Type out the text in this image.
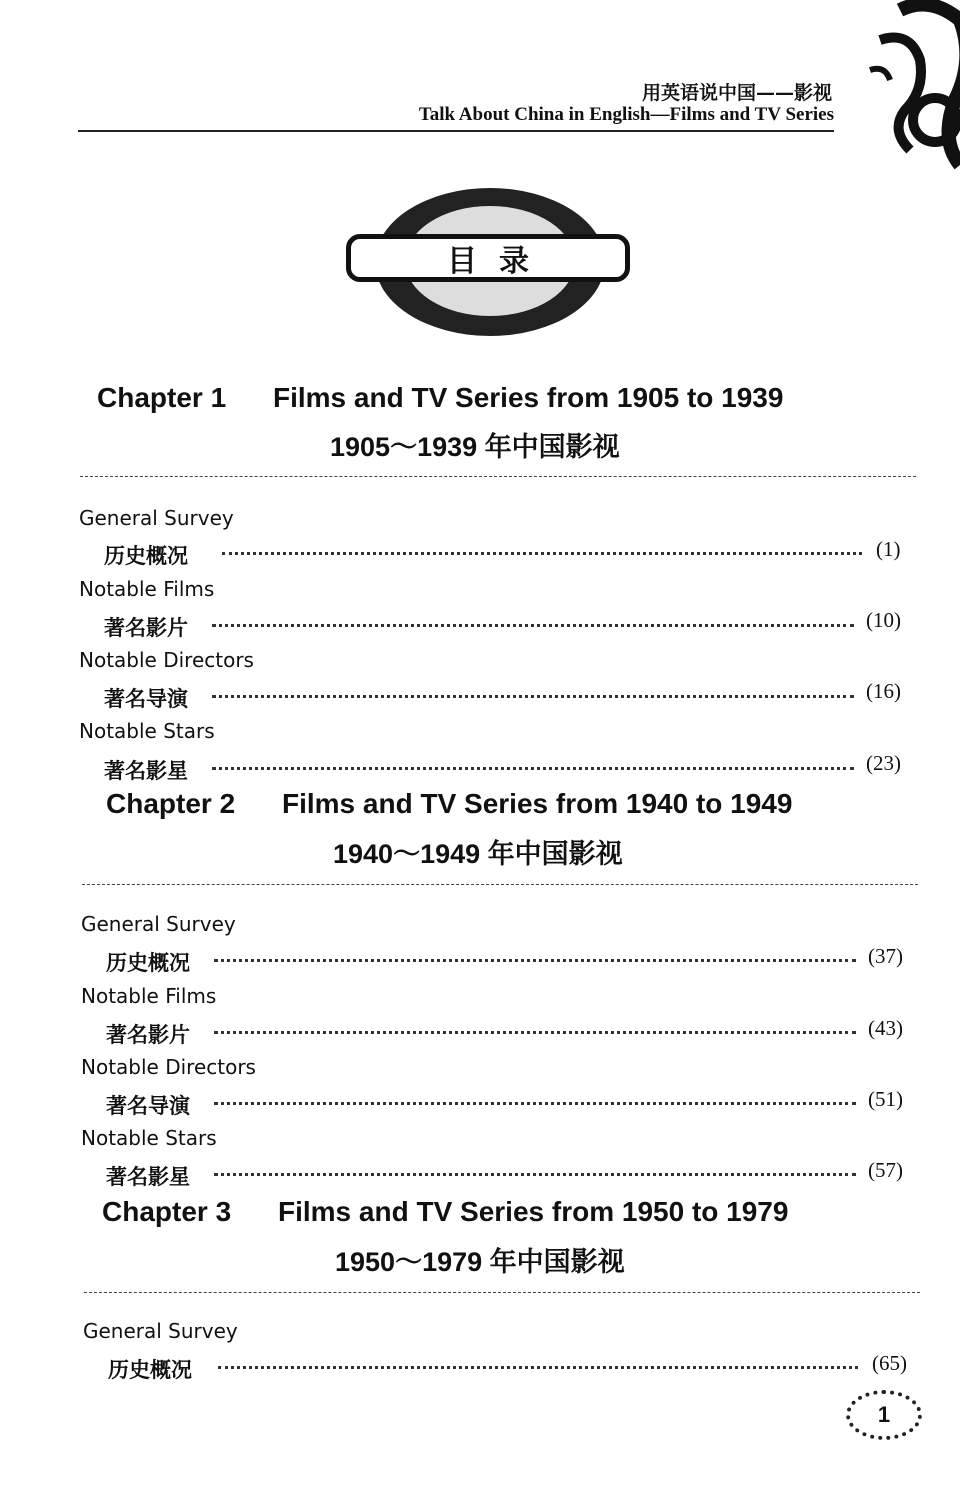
用英语说中国——影视
Talk About China in English—Films and TV Series
目录
Chapter 1 Films and TV Series from 1905 to 1939
1905～1939 年中国影视
General Survey
历史概况	(1)
Notable Films
著名影片	(10)
Notable Directors
著名导演	(16)
Notable Stars
著名影星	(23)
Chapter 2 Films and TV Series from 1940 to 1949
1940～1949 年中国影视
General Survey
历史概况	(37)
Notable Films
著名影片	(43)
Notable Directors
著名导演	(51)
Notable Stars
著名影星	(57)
Chapter 3 Films and TV Series from 1950 to 1979
1950～1979 年中国影视
General Survey
历史概况	(65)
1
